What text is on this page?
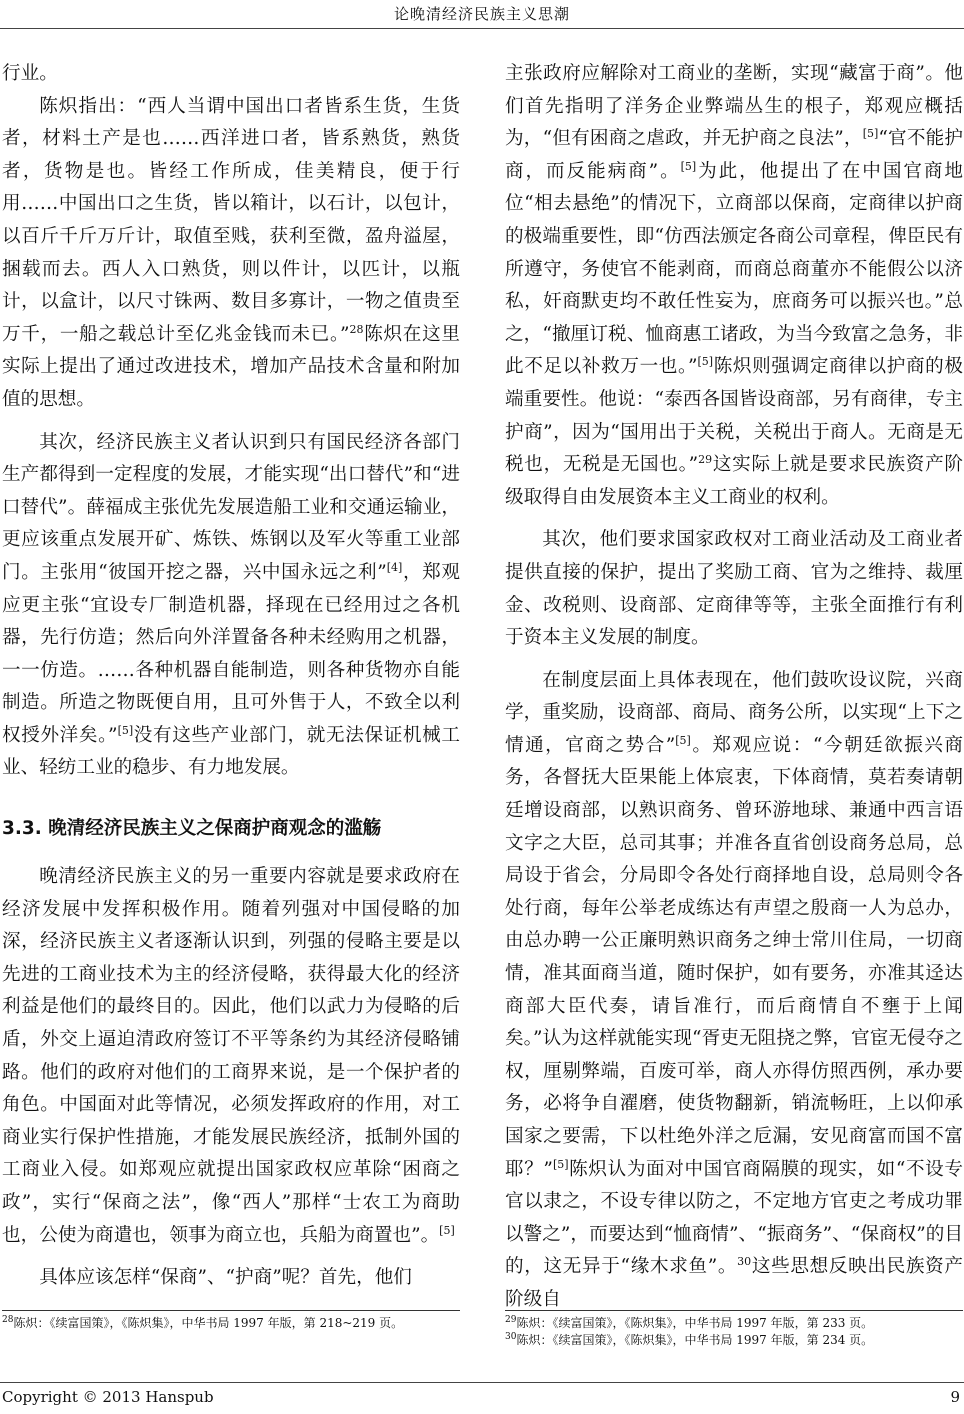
论晚清经济民族主义思潮

行业。

陈炽指出：“西人当谓中国出口者皆系生货，生货者，材料土产是也……西洋进口者，皆系熟货，熟货者，货物是也。皆经工作所成，佳美精良，便于行用……中国出口之生货，皆以箱计，以石计，以包计，以百斤千斤万斤计，取值至贱，获利至微，盈舟溢屋，捆载而去。西人入口熟货，则以件计，以匹计，以瓶计，以盒计，以尺寸铢两、数目多寡计，一物之值贵至万千，一船之载总计至亿兆金钱而未已。”$^{28}$陈炽在这里实际上提出了通过改进技术，增加产品技术含量和附加值的思想。

其次，经济民族主义者认识到只有国民经济各部门生产都得到一定程度的发展，才能实现“出口替代”和“进口替代”。薛福成主张优先发展造船工业和交通运输业，更应该重点发展开矿、炼铁、炼钢以及军火等重工业部门。主张用“彼国开挖之器，兴中国永远之利”[4]，郑观应更主张“宜设专厂制造机器，择现在已经用过之各机器，先行仿造；然后向外洋置备各种未经购用之机器，一一仿造。……各种机器自能制造，则各种货物亦自能制造。所造之物既便自用，且可外售于人，不致全以利权授外洋矣。”[5]没有这些产业部门，就无法保证机械工业、轻纺工业的稳步、有力地发展。

3.3. 晚清经济民族主义之保商护商观念的滥觞

晚清经济民族主义的另一重要内容就是要求政府在经济发展中发挥积极作用。随着列强对中国侵略的加深，经济民族主义者逐渐认识到，列强的侵略主要是以先进的工商业技术为主的经济侵略，获得最大化的经济利益是他们的最终目的。因此，他们以武力为侵略的后盾，外交上逼迫清政府签订不平等条约为其经济侵略铺路。他们的政府对他们的工商界来说，是一个保护者的角色。中国面对此等情况，必须发挥政府的作用，对工商业实行保护性措施，才能发展民族经济，抵制外国的工商业入侵。如郑观应就提出国家政权应革除“困商之政”，实行“保商之法”，像“西人”那样“士农工为商助也，公使为商遣也，领事为商立也，兵船为商置也”。[5]

具体应该怎样“保商”、“护商”呢？首先，他们

主张政府应解除对工商业的垄断，实现“藏富于商”。他们首先指明了洋务企业弊端丛生的根子，郑观应概括为，“但有困商之虐政，并无护商之良法”，[5]“官不能护商，而反能病商”。[5]为此，他提出了在中国官商地位“相去悬绝”的情况下，立商部以保商，定商律以护商的极端重要性，即“仿西法颁定各商公司章程，俾臣民有所遵守，务使官不能剥商，而商总商董亦不能假公以济私，奸商默吏均不敢任性妄为，庶商务可以振兴也。”总之，“撤厘订税、恤商惠工诸政，为当今致富之急务，非此不足以补救万一也。”[5]陈炽则强调定商律以护商的极端重要性。他说：“泰西各国皆设商部，另有商律，专主护商”，因为“国用出于关税，关税出于商人。无商是无税也，无税是无国也。”$^{29}$这实际上就是要求民族资产阶级取得自由发展资本主义工商业的权利。

其次，他们要求国家政权对工商业活动及工商业者提供直接的保护，提出了奖励工商、官为之维持、裁厘金、改税则、设商部、定商律等等，主张全面推行有利于资本主义发展的制度。

在制度层面上具体表现在，他们鼓吹设议院，兴商学，重奖励，设商部、商局、商务公所，以实现“上下之情通，官商之势合”[5]。郑观应说：“今朝廷欲振兴商务，各督抚大臣果能上体宸衷，下体商情，莫若奏请朝廷增设商部，以熟识商务、曾环游地球、兼通中西言语文字之大臣，总司其事；并准各直省创设商务总局，总局设于省会，分局即令各处行商择地自设，总局则令各处行商，每年公举老成练达有声望之殷商一人为总办，由总办聘一公正廉明熟识商务之绅士常川住局，一切商情，准其面商当道，随时保护，如有要务，亦准其迳达商部大臣代奏，请旨准行，而后商情自不壅于上闻矣。”认为这样就能实现“胥吏无阻挠之弊，官宦无侵夺之权，厘剔弊端，百废可举，商人亦得仿照西例，承办要务，必将争自濯磨，使货物翻新，销流畅旺，上以仰承国家之要需，下以杜绝外洋之卮漏，安见商富而国不富耶？”[5]陈炽认为面对中国官商隔膜的现实，如“不设专官以隶之，不设专律以防之，不定地方官吏之考成功罪以警之”，而要达到“恤商情”、“振商务”、“保商权”的目的，这无异于“缘木求鱼”。$^{30}$这些思想反映出民族资产阶级自

$^{28}$陈炽：《续富国策》，《陈炽集》，中华书局 1997 年版，第 218~219 页。	$^{29}$陈炽：《续富国策》，《陈炽集》，中华书局 1997 年版，第 233 页。

$^{30}$陈炽：《续富国策》，《陈炽集》，中华书局 1997 年版，第 234 页。

Copyright © 2013 Hanspub	9
